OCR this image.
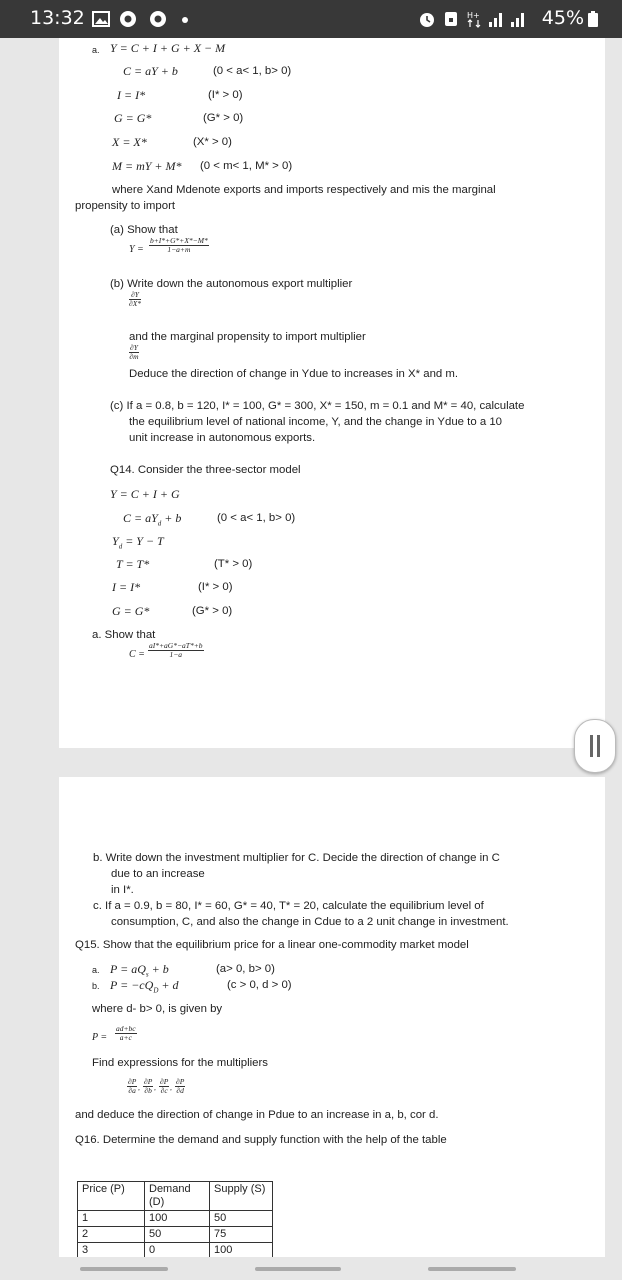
13:32	H+	45%
a. Y = C + I + G + X − M
C = aY + b	(0 < a< 1, b> 0)
I = I*	(I* > 0)
G = G*	(G* > 0)
X = X*	(X* > 0)
M = mY + M* (0 < m< 1, M* > 0)
where Xand Mdenote exports and imports respectively and mis the marginal
propensity to import
(a) Show that
$Y = \frac{b+I*+G*+X*-M*}{1-a+m}$
(b) Write down the autonomous export multiplier
$\frac{\partial Y}{\partial X*}$
and the marginal propensity to import multiplier
$\frac{\partial Y}{\partial m}$
Deduce the direction of change in Ydue to increases in X* and m.
(c) If a = 0.8, b = 120, I* = 100, G* = 300, X* = 150, m = 0.1 and M* = 40, calculate
the equilibrium level of national income, Y, and the change in Ydue to a 10
unit increase in autonomous exports.
Q14. Consider the three-sector model
Y = C + I + G
$C = aY_d + b$	(0 < a< 1, b> 0)
$Y_d = Y - T$
T = T*	(T* > 0)
I = I*	(I* > 0)
G = G*	(G* > 0)
a. Show that
$C = \frac{aI*+aG*-aT*+b}{1-a}$
b. Write down the investment multiplier for C. Decide the direction of change in C
due to an increase
in I*.
c. If a = 0.9, b = 80, I* = 60, G* = 40, T* = 20, calculate the equilibrium level of
consumption, C, and also the change in Cdue to a 2 unit change in investment.
Q15. Show that the equilibrium price for a linear one-commodity market model
a. $P = aQ_s + b$	(a> 0, b> 0)
b. $P = -cQ_D + d$	(c > 0, d > 0)
where d- b> 0, is given by
$P = \frac{ad+bc}{a+c}$
Find expressions for the multipliers
$\frac{\partial P}{\partial a}$ , $\frac{\partial P}{\partial b}$ , $\frac{\partial P}{\partial c}$ , $\frac{\partial P}{\partial d}$
and deduce the direction of change in Pdue to an increase in a, b, cor d.
Q16. Determine the demand and supply function with the help of the table
Price (P)	Demand (D)	Supply (S)
1	100	50
2	50	75
3	0	100
